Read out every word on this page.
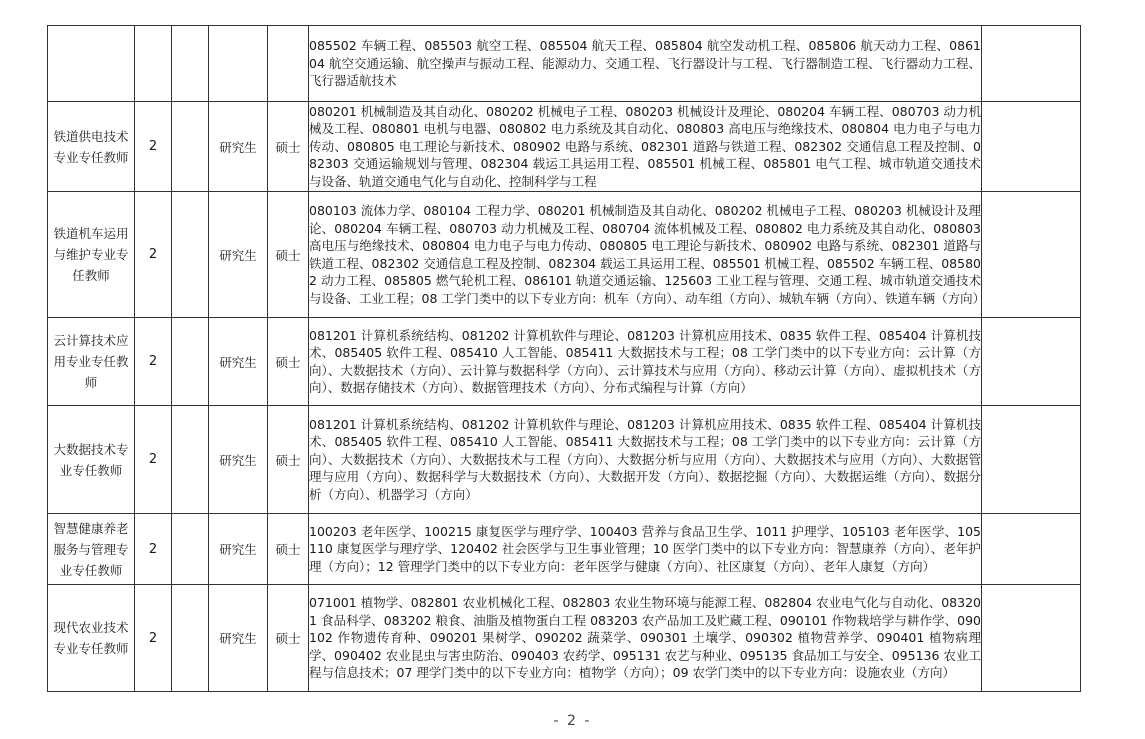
					085502 车辆工程、085503 航空工程、085504 航天工程、085804 航空发动机工程、085806 航天动力工程、086104 航空交通运输、航空操声与振动工程、能源动力、交通工程、飞行器设计与工程、飞行器制造工程、飞行器动力工程、飞行器适航技术	
铁道供电技术专业专任教师	2		研究生	硕士	080201 机械制造及其自动化、080202 机械电子工程、080203 机械设计及理论、080204 车辆工程、080703 动力机械及工程、080801 电机与电器、080802 电力系统及其自动化、080803 高电压与绝缘技术、080804 电力电子与电力传动、080805 电工理论与新技术、080902 电路与系统、082301 道路与铁道工程、082302 交通信息工程及控制、082303 交通运输规划与管理、082304 载运工具运用工程、085501 机械工程、085801 电气工程、城市轨道交通技术与设备、轨道交通电气化与自动化、控制科学与工程	
铁道机车运用与维护专业专任教师	2		研究生	硕士	080103 流体力学、080104 工程力学、080201 机械制造及其自动化、080202 机械电子工程、080203 机械设计及理论、080204 车辆工程、080703 动力机械及工程、080704 流体机械及工程、080802 电力系统及其自动化、080803 高电压与绝缘技术、080804 电力电子与电力传动、080805 电工理论与新技术、080902 电路与系统、082301 道路与铁道工程、082302 交通信息工程及控制、082304 载运工具运用工程、085501 机械工程、085502 车辆工程、085802 动力工程、085805 燃气轮机工程、086101 轨道交通运输、125603 工业工程与管理、交通工程、城市轨道交通技术与设备、工业工程；08 工学门类中的以下专业方向：机车（方向）、动车组（方向）、城轨车辆（方向）、铁道车辆（方向）	
云计算技术应用专业专任教师	2		研究生	硕士	081201 计算机系统结构、081202 计算机软件与理论、081203 计算机应用技术、0835 软件工程、085404 计算机技术、085405 软件工程、085410 人工智能、085411 大数据技术与工程；08 工学门类中的以下专业方向：云计算（方向）、大数据技术（方向）、云计算与数据科学（方向）、云计算技术与应用（方向）、移动云计算（方向）、虚拟机技术（方向）、数据存储技术（方向）、数据管理技术（方向）、分布式编程与计算（方向）	
大数据技术专业专任教师	2		研究生	硕士	081201 计算机系统结构、081202 计算机软件与理论、081203 计算机应用技术、0835 软件工程、085404 计算机技术、085405 软件工程、085410 人工智能、085411 大数据技术与工程；08 工学门类中的以下专业方向：云计算（方向）、大数据技术（方向）、大数据技术与工程（方向）、大数据分析与应用（方向）、大数据技术与应用（方向）、大数据管理与应用（方向）、数据科学与大数据技术（方向）、大数据开发（方向）、数据挖掘（方向）、大数据运维（方向）、数据分析（方向）、机器学习（方向）	
智慧健康养老服务与管理专业专任教师	2		研究生	硕士	100203 老年医学、100215 康复医学与理疗学、100403 营养与食品卫生学、1011 护理学、105103 老年医学、105110 康复医学与理疗学、120402 社会医学与卫生事业管理；10 医学门类中的以下专业方向：智慧康养（方向）、老年护理（方向）；12 管理学门类中的以下专业方向：老年医学与健康（方向）、社区康复（方向）、老年人康复（方向）	
现代农业技术专业专任教师	2		研究生	硕士	071001 植物学、082801 农业机械化工程、082803 农业生物环境与能源工程、082804 农业电气化与自动化、083201 食品科学、083202 粮食、油脂及植物蛋白工程 083203 农产品加工及贮藏工程、090101 作物栽培学与耕作学、090102 作物遗传育种、090201 果树学、090202 蔬菜学、090301 土壤学、090302 植物营养学、090401 植物病理学、090402 农业昆虫与害虫防治、090403 农药学、095131 农艺与种业、095135 食品加工与安全、095136 农业工程与信息技术；07 理学门类中的以下专业方向：植物学（方向）；09 农学门类中的以下专业方向：设施农业（方向）	
- 2 -
